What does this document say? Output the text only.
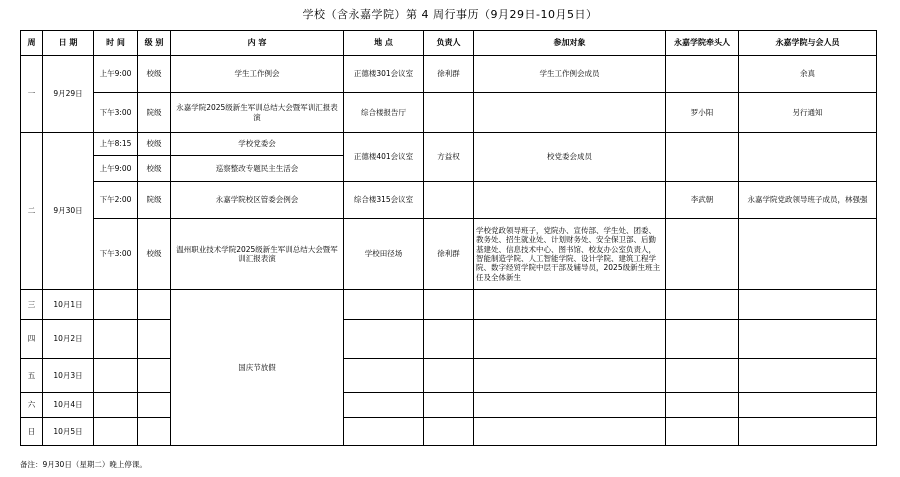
学校（含永嘉学院）第 4 周行事历（9月29日-10月5日）
周	日 期	时 间	级 别	内 容	地 点	负责人	参加对象	永嘉学院牵头人	永嘉学院与会人员
一	9月29日	上午9:00	校级	学生工作例会	正德楼301会议室	徐利群	学生工作例会成员		余真
		下午3:00	院级	永嘉学院2025级新生军训总结大会暨军训汇报表演	综合楼报告厅			罗小阳	另行通知
二	9月30日	上午8:15	校级	学校党委会	正德楼401会议室	方益权	校党委会成员		
		上午9:00	校级	巡察整改专题民主生活会					
		下午2:00	院级	永嘉学院校区管委会例会	综合楼315会议室			李武朝	永嘉学院党政领导班子成员，林强强
		下午3:00	校级	温州职业技术学院2025级新生军训总结大会暨军训汇报表演	学校田径场	徐利群	学校党政领导班子，党院办、宣传部、学生处、团委、教务处、招生就业处、计划财务处、安全保卫部、后勤基建处、信息技术中心、图书馆、校友办公室负责人，智能制造学院、人工智能学院、设计学院、建筑工程学院、数字经贸学院中层干部及辅导员，2025级新生班主任及全体新生		
三	10月1日			国庆节放假					
四	10月2日								
五	10月3日								
六	10月4日								
日	10月5日								
备注：9月30日（星期二）晚上停课。
